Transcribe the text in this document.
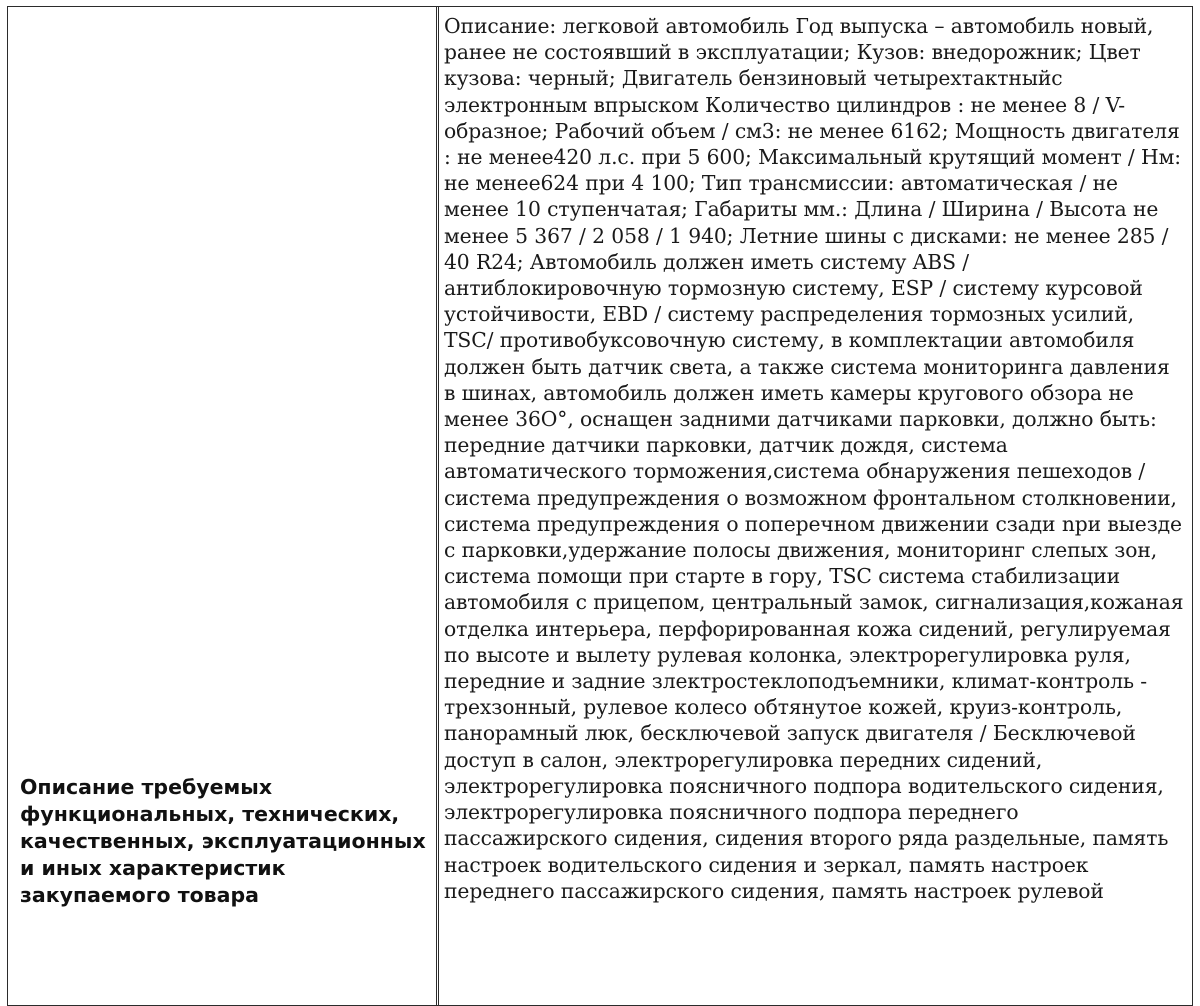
Описание требуемых
функциональных, технических,
качественных, эксплуатационных
и иных характеристик
закупаемого товара
Описание: легковой автомобиль Год выпуска – автомобиль новый,
ранее не состоявший в эксплуатации; Кузов: внедорожник; Цвет
кузова: черный; Двигатель бензиновый четырехтактныйс
электронным впрыском Количество цилиндров : не менее 8 / V-
образное; Рабочий объем / см3: не менее 6162; Мощность двигателя
: не менее420 л.с. при 5 600; Максимальный крутящий момент / Нм:
не менее624 при 4 100; Тип трансмиссии: автоматическая / не
менее 10 ступенчатая; Габариты мм.: Длина / Ширина / Высота не
менее 5 367 / 2 058 / 1 940; Летние шины с дисками: не менее 285 /
40 R24; Автомобиль должен иметь систему ABS /
антиблокировочную тормозную систему, ESP / систему курсовой
устойчивости, EBD / систему распределения тормозных усилий,
TSC/ противобуксовочную систему, в комплектации автомобиля
должен быть датчик света, а также система мониторинга давления
в шинах, автомобиль должен иметь камеры кругового обзора не
менее 36О°, оснащен задними датчиками парковки, должно быть:
передние датчики парковки, датчик дождя, система
автоматического торможения,система обнаружения пешеходов /
система предупреждения о возможном фронтальном столкновении,
система предупреждения о поперечном движении сзади nри выезде
с парковки,удержание полосы движения, мониторинг слепых зон,
система помощи при старте в гору, TSC система стабилизации
автомобиля с прицепом, центральный замок, сигнализация,кожаная
отделка интерьера, перфорированная кожа сидений, регулируемая
по высоте и вылету рулевая колонка, электрорегулировка руля,
передние и задние злектростеклоподъемники, климат-контроль -
трехзонный, рулевое колесо обтянутое кожей, круиз-контроль,
панорамный люк, бесключевой запуск двигателя / Бесключевой
доступ в салон, электрорегулировка передних сидений,
электрорегулировка поясничного подпора водительского сидения,
электрорегулировка поясничного подпора переднего
пассажирского сидения, сидения второго ряда раздельные, память
настроек водительского сидения и зеркал, память настроек
переднего пассажирского сидения, память настроек рулевой
